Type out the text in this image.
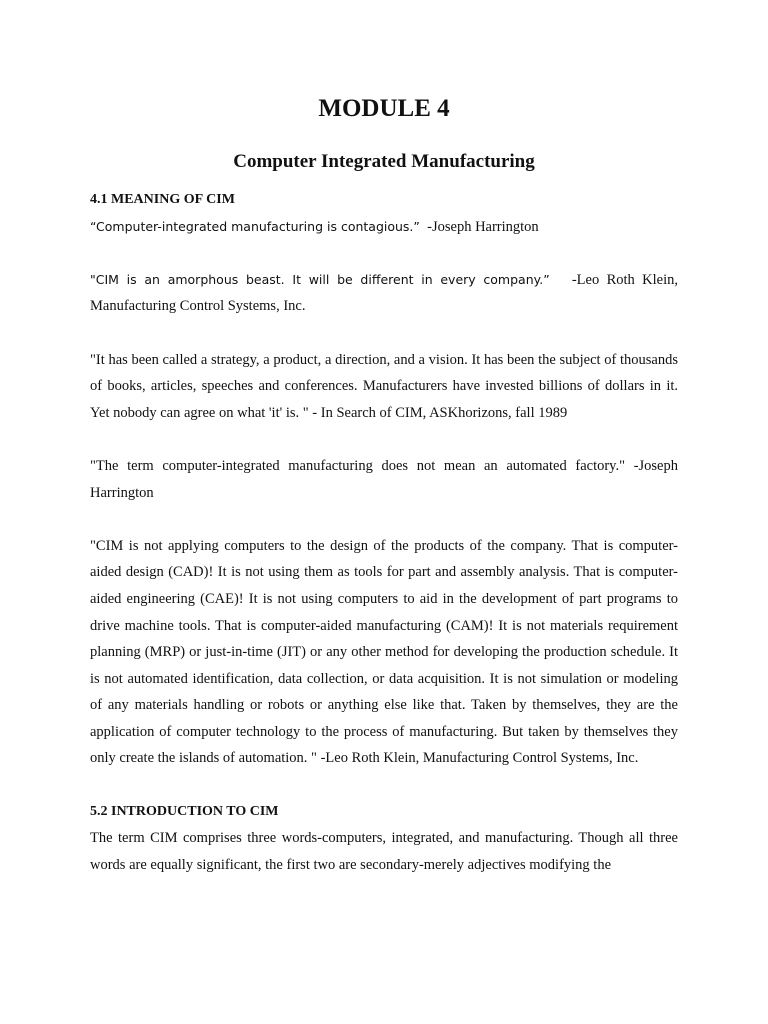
MODULE 4
Computer Integrated Manufacturing

4.1 MEANING OF CIM

“Computer-integrated manufacturing is contagious.” -Joseph Harrington

"CIM is an amorphous beast. It will be different in every company.” -Leo Roth Klein, Manufacturing Control Systems, Inc.

"It has been called a strategy, a product, a direction, and a vision. It has been the subject of thousands of books, articles, speeches and conferences. Manufacturers have invested billions of dollars in it. Yet nobody can agree on what 'it' is. " - In Search of CIM, ASKhorizons, fall 1989

"The term computer-integrated manufacturing does not mean an automated factory." -Joseph Harrington

"CIM is not applying computers to the design of the products of the company. That is computer-aided design (CAD)! It is not using them as tools for part and assembly analysis. That is computer-aided engineering (CAE)! It is not using computers to aid in the development of part programs to drive machine tools. That is computer-aided manufacturing (CAM)! It is not materials requirement planning (MRP) or just-in-time (JIT) or any other method for developing the production schedule. It is not automated identification, data collection, or data acquisition. It is not simulation or modeling of any materials handling or robots or anything else like that. Taken by themselves, they are the application of computer technology to the process of manufacturing. But taken by themselves they only create the islands of automation. " -Leo Roth Klein, Manufacturing Control Systems, Inc.

5.2 INTRODUCTION TO CIM

The term CIM comprises three words-computers, integrated, and manufacturing. Though all three words are equally significant, the first two are secondary-merely adjectives modifying the
